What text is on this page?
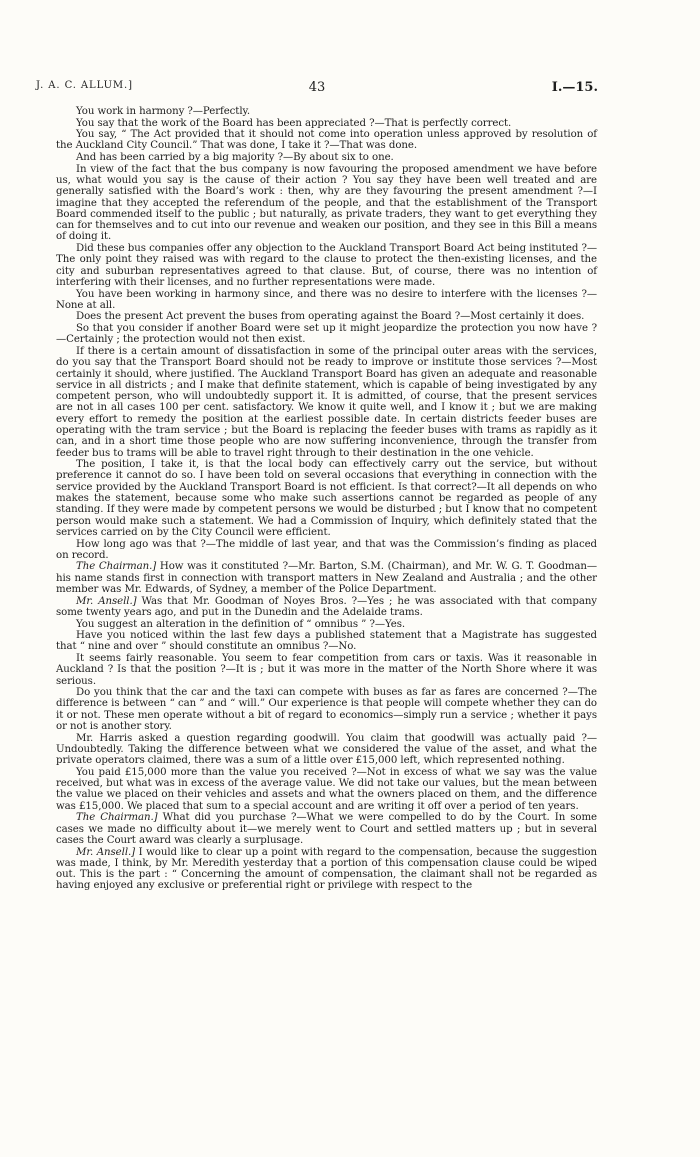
J. A. C. ALLUM.]	43	I.—15.

You work in harmony ?—Perfectly.

You say that the work of the Board has been appreciated ?—That is perfectly correct.

You say, “ The Act provided that it should not come into operation unless approved by resolution of the Auckland City Council.” That was done, I take it ?—That was done.

And has been carried by a big majority ?—By about six to one.

In view of the fact that the bus company is now favouring the proposed amendment we have before us, what would you say is the cause of their action ? You say they have been well treated and are generally satisfied with the Board’s work : then, why are they favouring the present amendment ?—I imagine that they accepted the referendum of the people, and that the establishment of the Transport Board commended itself to the public ; but naturally, as private traders, they want to get everything they can for themselves and to cut into our revenue and weaken our position, and they see in this Bill a means of doing it.

Did these bus companies offer any objection to the Auckland Transport Board Act being instituted ?—The only point they raised was with regard to the clause to protect the then-existing licenses, and the city and suburban representatives agreed to that clause. But, of course, there was no intention of interfering with their licenses, and no further representations were made.

You have been working in harmony since, and there was no desire to interfere with the licenses ?—None at all.

Does the present Act prevent the buses from operating against the Board ?—Most certainly it does.

So that you consider if another Board were set up it might jeopardize the protection you now have ?—Certainly ; the protection would not then exist.

If there is a certain amount of dissatisfaction in some of the principal outer areas with the services, do you say that the Transport Board should not be ready to improve or institute those services ?—Most certainly it should, where justified. The Auckland Transport Board has given an adequate and reasonable service in all districts ; and I make that definite statement, which is capable of being investigated by any competent person, who will undoubtedly support it. It is admitted, of course, that the present services are not in all cases 100 per cent. satisfactory. We know it quite well, and I know it ; but we are making every effort to remedy the position at the earliest possible date. In certain districts feeder buses are operating with the tram service ; but the Board is replacing the feeder buses with trams as rapidly as it can, and in a short time those people who are now suffering inconvenience, through the transfer from feeder bus to trams will be able to travel right through to their destination in the one vehicle.

The position, I take it, is that the local body can effectively carry out the service, but without preference it cannot do so. I have been told on several occasions that everything in connection with the service provided by the Auckland Transport Board is not efficient. Is that correct?—It all depends on who makes the statement, because some who make such assertions cannot be regarded as people of any standing. If they were made by competent persons we would be disturbed ; but I know that no competent person would make such a statement. We had a Commission of Inquiry, which definitely stated that the services carried on by the City Council were efficient.

How long ago was that ?—The middle of last year, and that was the Commission’s finding as placed on record.

The Chairman.] How was it constituted ?—Mr. Barton, S.M. (Chairman), and Mr. W. G. T. Goodman—his name stands first in connection with transport matters in New Zealand and Australia ; and the other member was Mr. Edwards, of Sydney, a member of the Police Department.

Mr. Ansell.] Was that Mr. Goodman of Noyes Bros. ?—Yes ; he was associated with that company some twenty years ago, and put in the Dunedin and the Adelaide trams.

You suggest an alteration in the definition of “ omnibus ” ?—Yes.

Have you noticed within the last few days a published statement that a Magistrate has suggested that “ nine and over ” should constitute an omnibus ?—No.

It seems fairly reasonable. You seem to fear competition from cars or taxis. Was it reasonable in Auckland ? Is that the position ?—It is ; but it was more in the matter of the North Shore where it was serious.

Do you think that the car and the taxi can compete with buses as far as fares are concerned ?—The difference is between “ can ” and “ will.” Our experience is that people will compete whether they can do it or not. These men operate without a bit of regard to economics—simply run a service ; whether it pays or not is another story.

Mr. Harris asked a question regarding goodwill. You claim that goodwill was actually paid ?—Undoubtedly. Taking the difference between what we considered the value of the asset, and what the private operators claimed, there was a sum of a little over £15,000 left, which represented nothing.

You paid £15,000 more than the value you received ?—Not in excess of what we say was the value received, but what was in excess of the average value. We did not take our values, but the mean between the value we placed on their vehicles and assets and what the owners placed on them, and the difference was £15,000. We placed that sum to a special account and are writing it off over a period of ten years.

The Chairman.] What did you purchase ?—What we were compelled to do by the Court. In some cases we made no difficulty about it—we merely went to Court and settled matters up ; but in several cases the Court award was clearly a surplusage.

Mr. Ansell.] I would like to clear up a point with regard to the compensation, because the suggestion was made, I think, by Mr. Meredith yesterday that a portion of this compensation clause could be wiped out. This is the part : “ Concerning the amount of compensation, the claimant shall not be regarded as having enjoyed any exclusive or preferential right or privilege with respect to the
